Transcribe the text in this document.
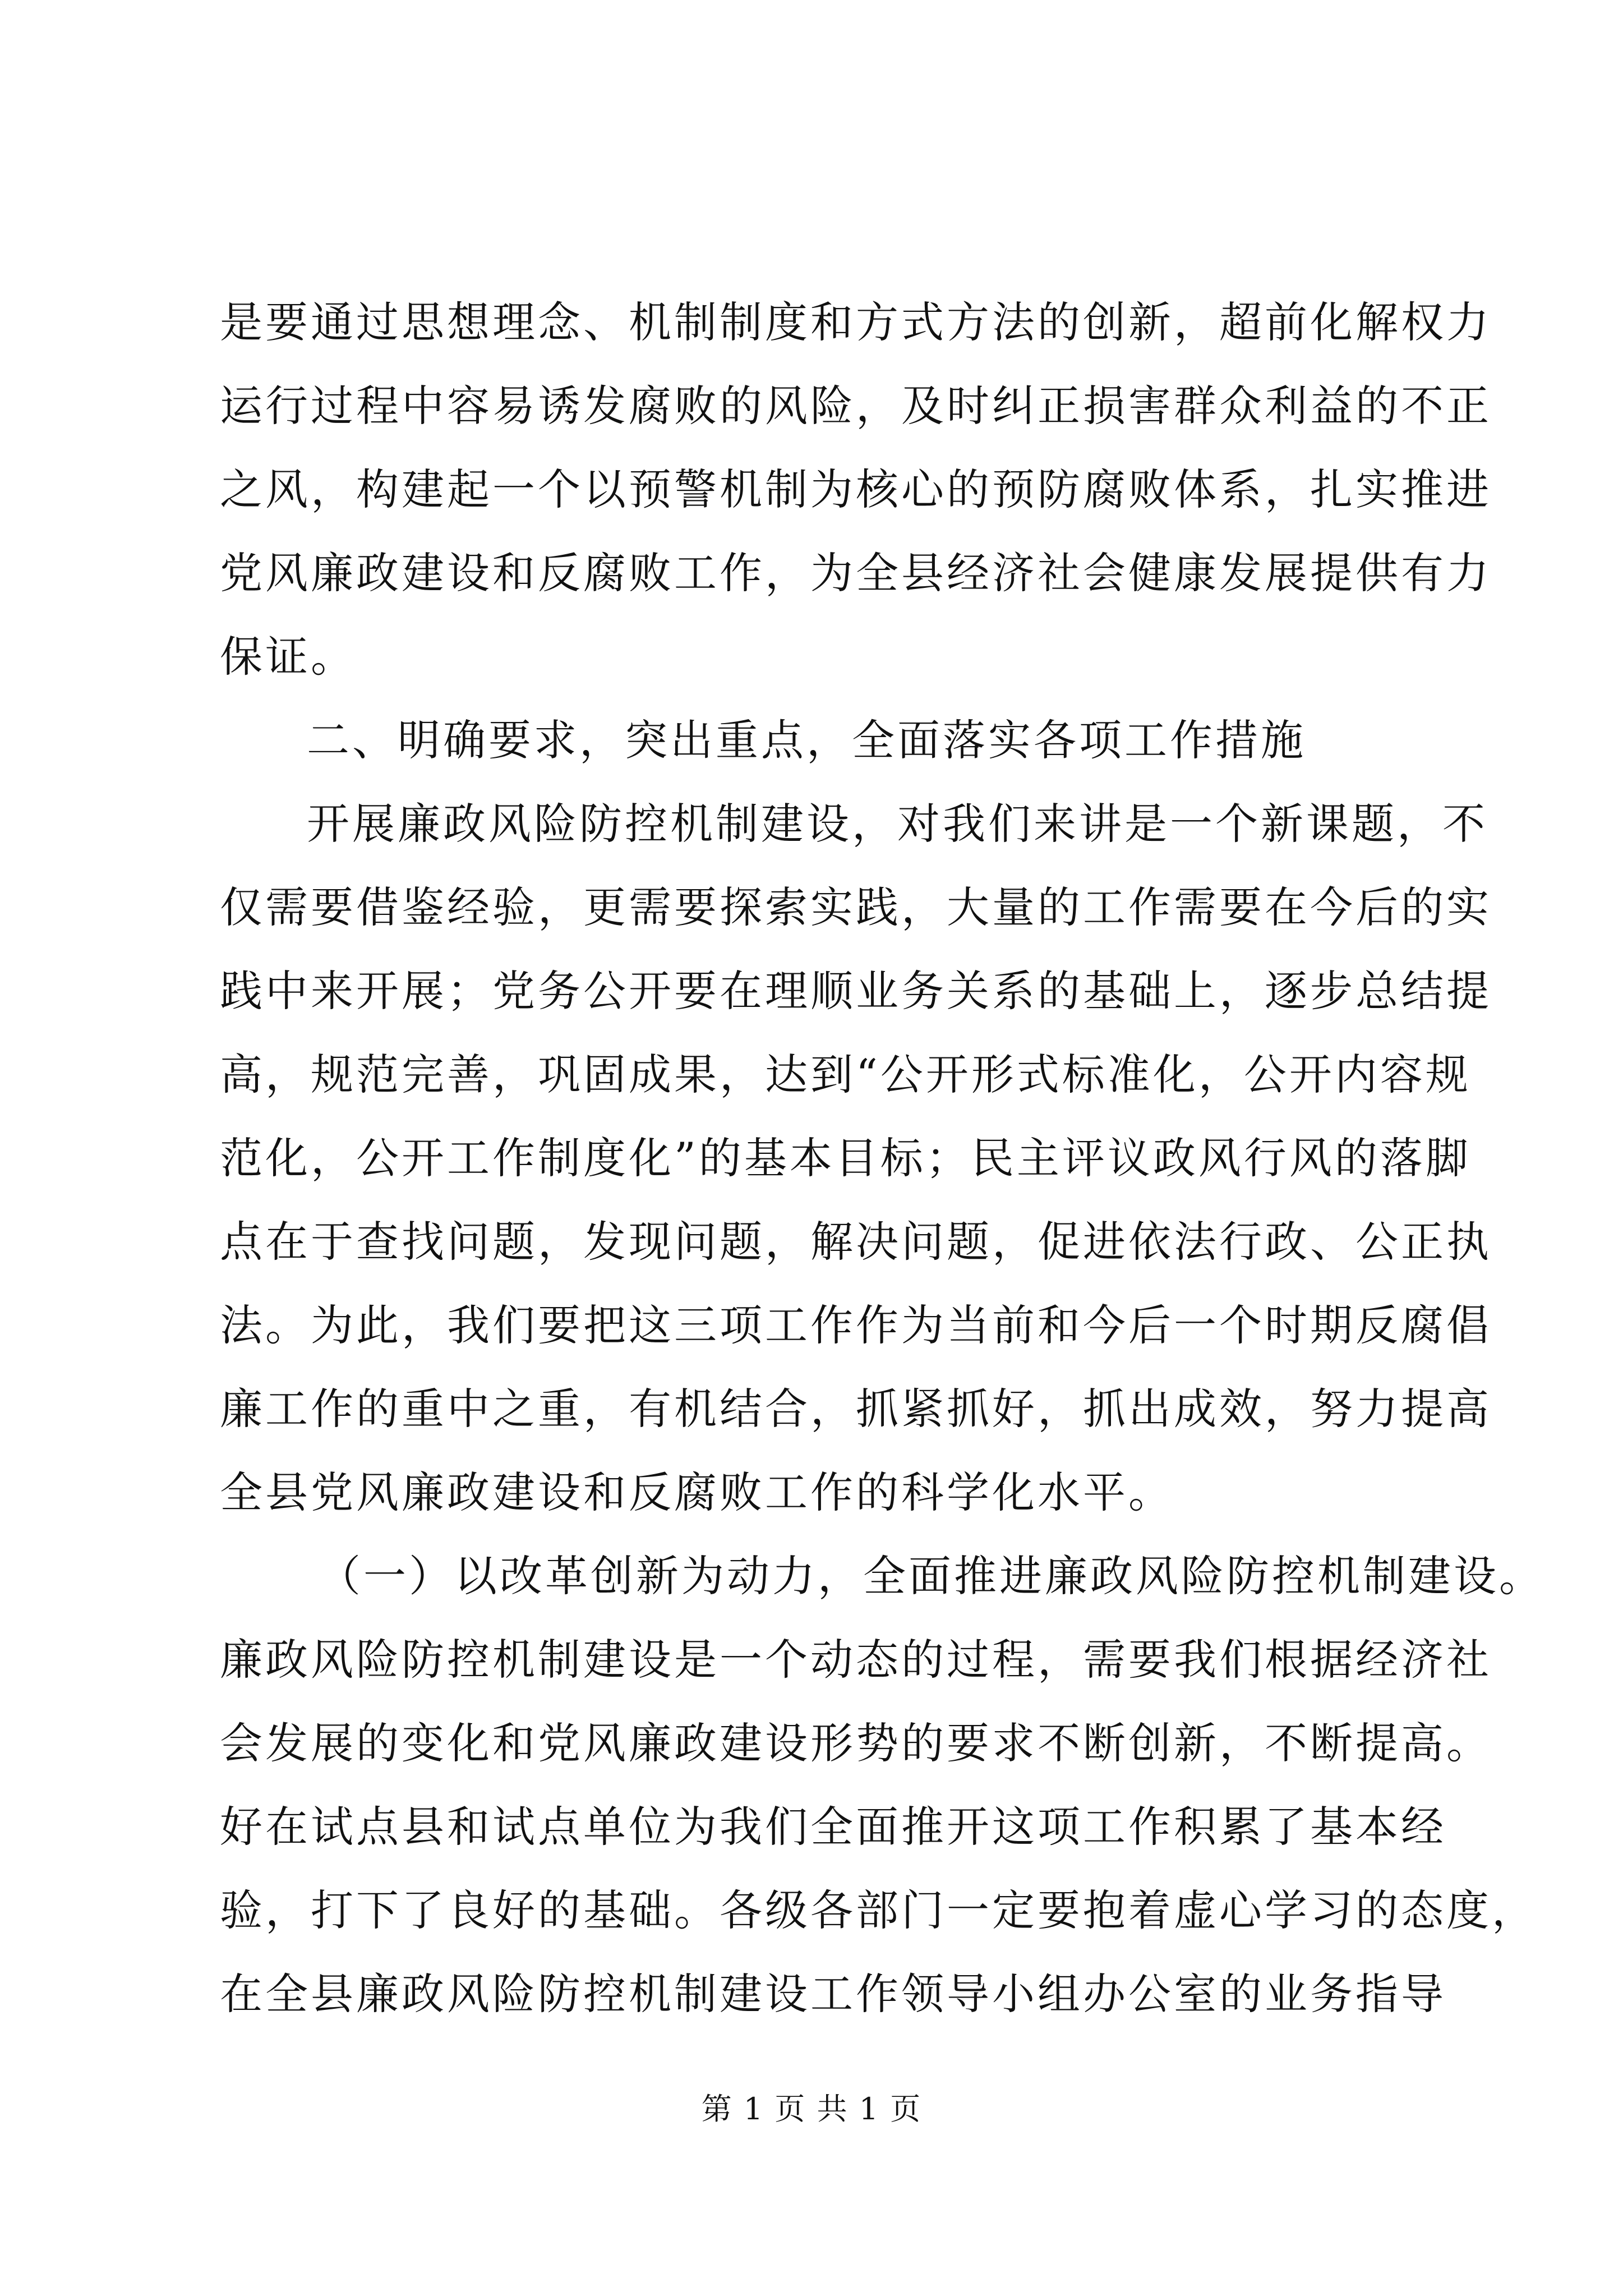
是要通过思想理念、机制制度和方式方法的创新，超前化解权力
运行过程中容易诱发腐败的风险，及时纠正损害群众利益的不正
之风，构建起一个以预警机制为核心的预防腐败体系，扎实推进
党风廉政建设和反腐败工作，为全县经济社会健康发展提供有力
保证。
二、明确要求，突出重点，全面落实各项工作措施
开展廉政风险防控机制建设，对我们来讲是一个新课题，不
仅需要借鉴经验，更需要探索实践，大量的工作需要在今后的实
践中来开展；党务公开要在理顺业务关系的基础上，逐步总结提
高，规范完善，巩固成果，达到“公开形式标准化，公开内容规
范化，公开工作制度化”的基本目标；民主评议政风行风的落脚
点在于查找问题，发现问题，解决问题，促进依法行政、公正执
法。为此，我们要把这三项工作作为当前和今后一个时期反腐倡
廉工作的重中之重，有机结合，抓紧抓好，抓出成效，努力提高
全县党风廉政建设和反腐败工作的科学化水平。
（一）以改革创新为动力，全面推进廉政风险防控机制建设。
廉政风险防控机制建设是一个动态的过程，需要我们根据经济社
会发展的变化和党风廉政建设形势的要求不断创新，不断提高。
好在试点县和试点单位为我们全面推开这项工作积累了基本经
验，打下了良好的基础。各级各部门一定要抱着虚心学习的态度，
在全县廉政风险防控机制建设工作领导小组办公室的业务指导
第 1 页 共 1 页
